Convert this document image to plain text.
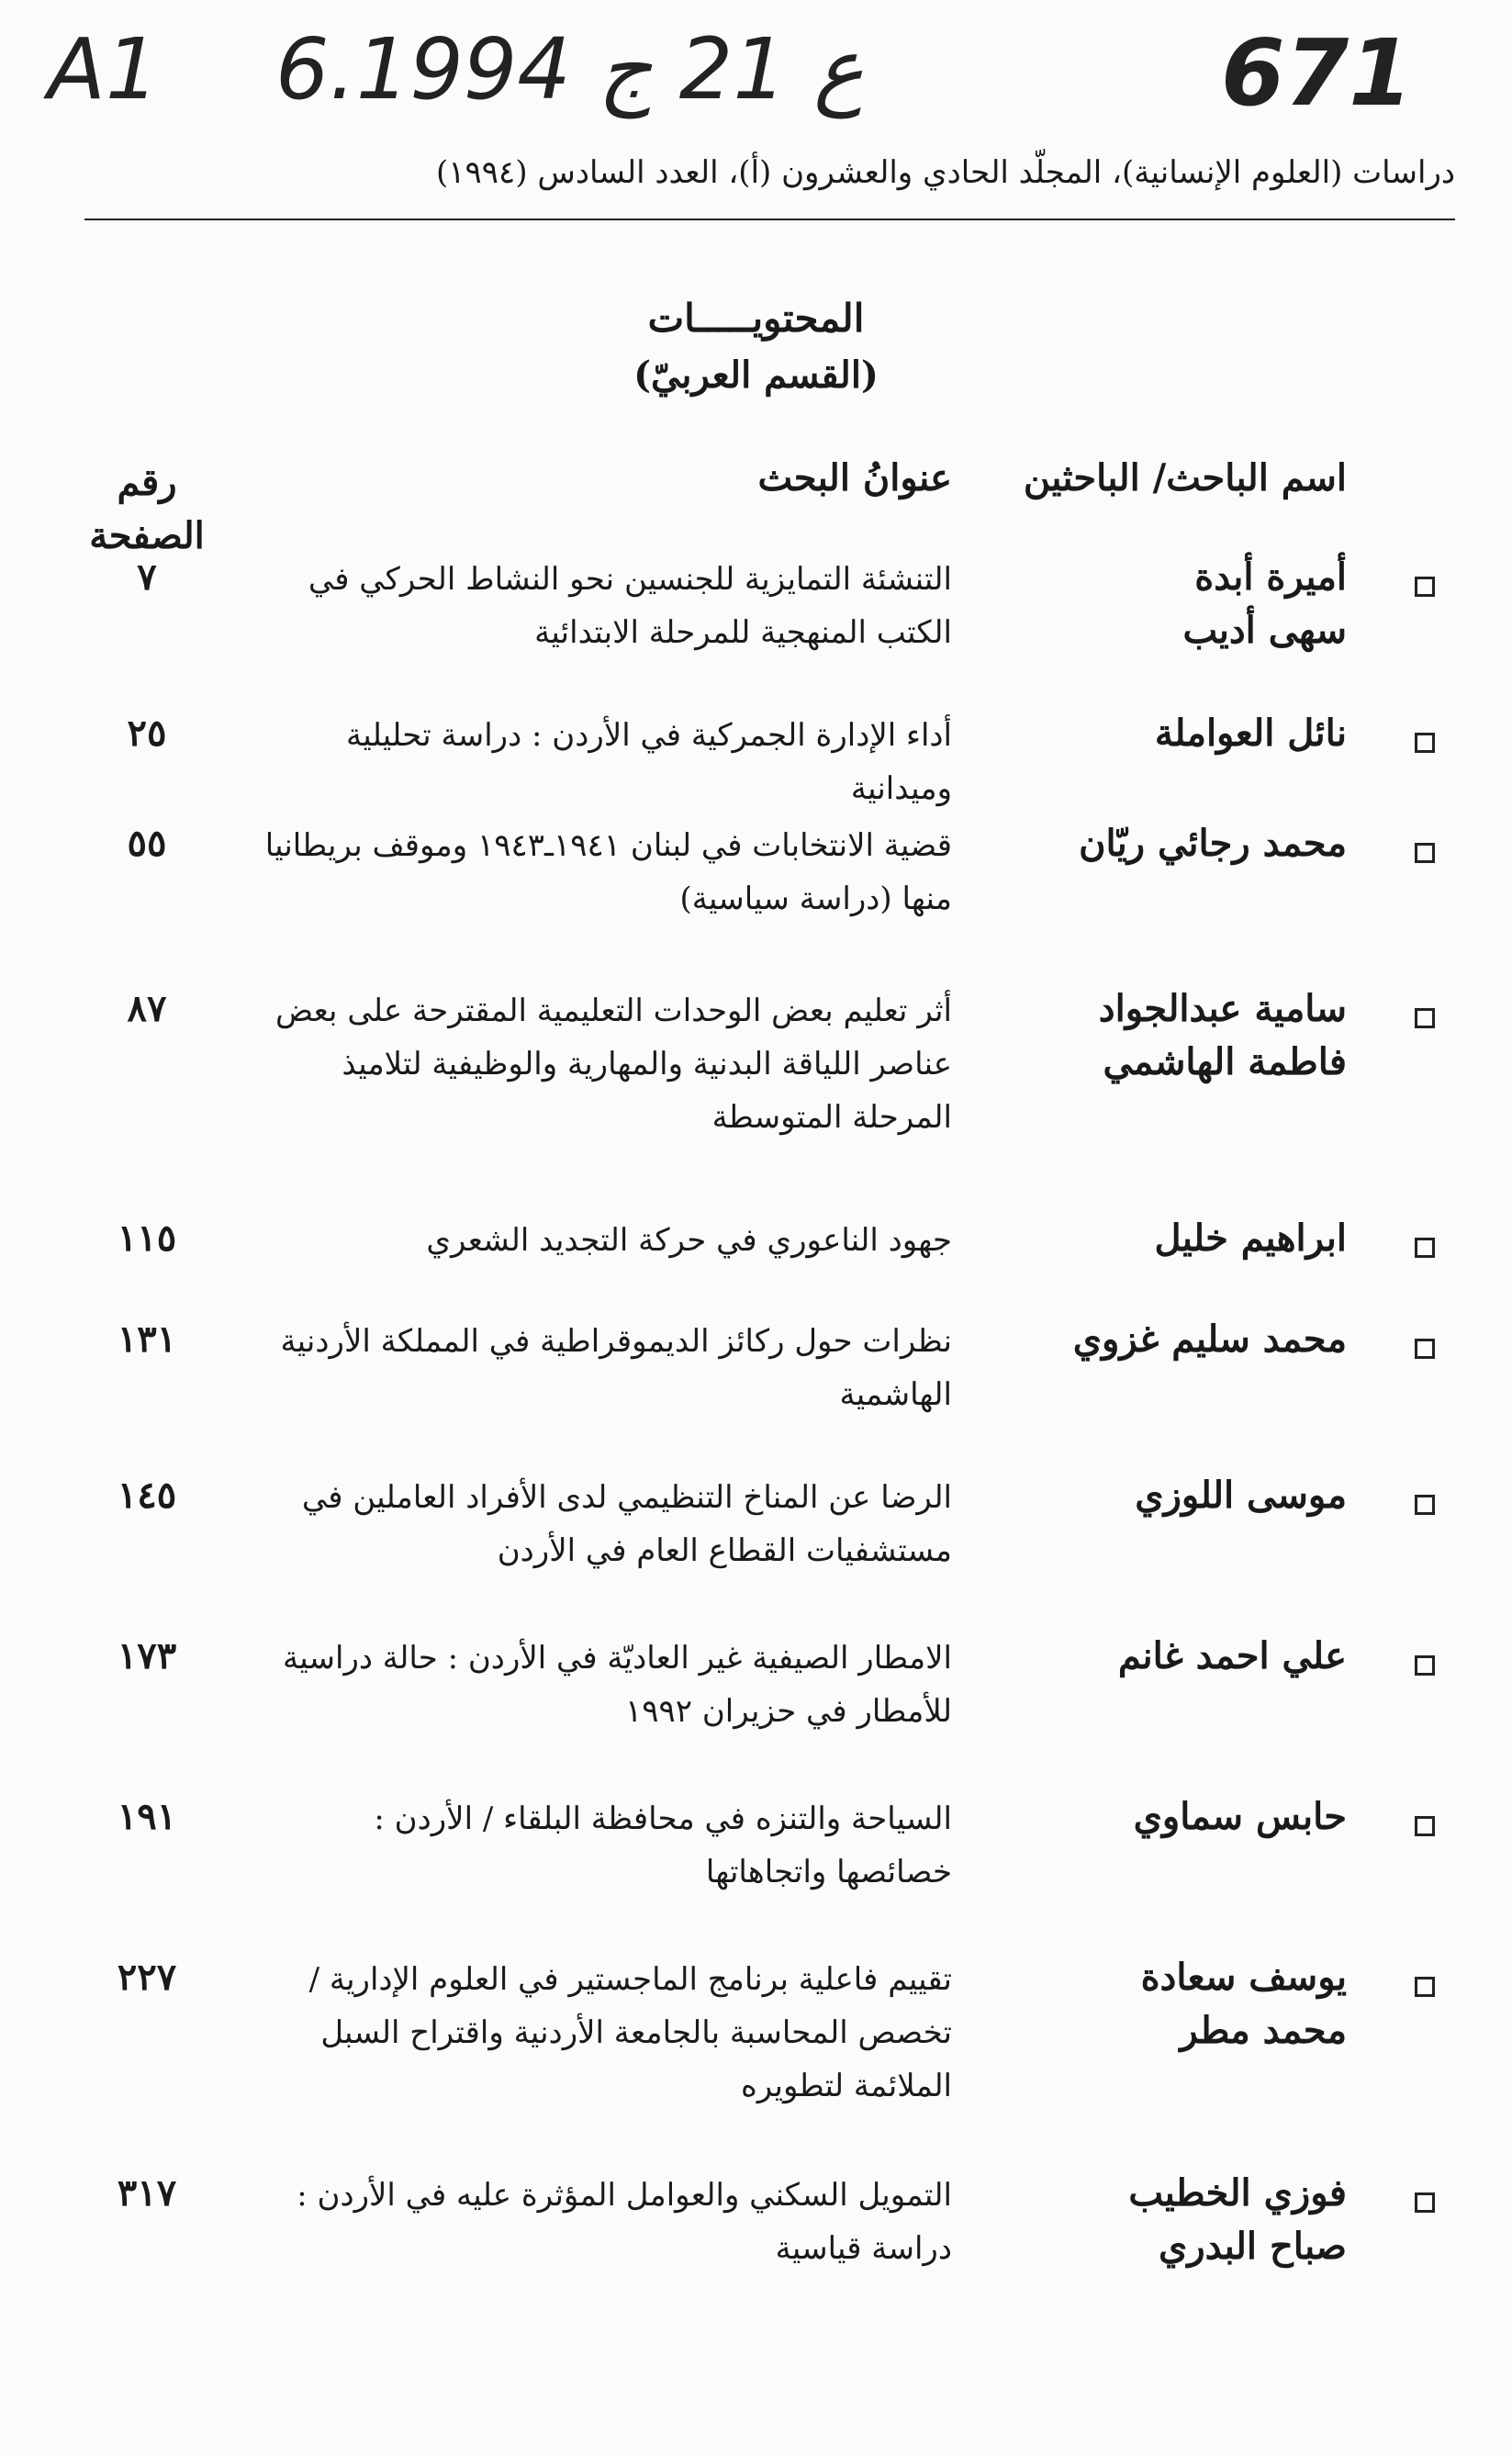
A1 6.ع 21 ج 1994	671
دراسات (العلوم الإنسانية)، المجلّد الحادي والعشرون (أ)، العدد السادس (١٩٩٤)
المحتويـــــات
(القسم العربيّ)
اسم الباحث/ الباحثين
عنوانُ البحث
رقم الصفحة
أميرة أبدة
سهى أديب
التنشئة التمايزية للجنسين نحو النشاط الحركي في الكتب المنهجية للمرحلة الابتدائية
٧
نائل العواملة
أداء الإدارة الجمركية في الأردن : دراسة تحليلية وميدانية
٢٥
محمد رجائي ريّان
قضية الانتخابات في لبنان ١٩٤١ـ١٩٤٣ وموقف بريطانيا منها (دراسة سياسية)
٥٥
سامية عبدالجواد
فاطمة الهاشمي
أثر تعليم بعض الوحدات التعليمية المقترحة على بعض عناصر اللياقة البدنية والمهارية والوظيفية لتلاميذ المرحلة المتوسطة
٨٧
ابراهيم خليل
جهود الناعوري في حركة التجديد الشعري
١١٥
محمد سليم غزوي
نظرات حول ركائز الديموقراطية في المملكة الأردنية الهاشمية
١٣١
موسى اللوزي
الرضا عن المناخ التنظيمي لدى الأفراد العاملين في مستشفيات القطاع العام في الأردن
١٤٥
علي احمد غانم
الامطار الصيفية غير العاديّة في الأردن : حالة دراسية للأمطار في حزيران ١٩٩٢
١٧٣
حابس سماوي
السياحة والتنزه في محافظة البلقاء / الأردن : خصائصها واتجاهاتها
١٩١
يوسف سعادة
محمد مطر
تقييم فاعلية برنامج الماجستير في العلوم الإدارية / تخصص المحاسبة بالجامعة الأردنية واقتراح السبل الملائمة لتطويره
٢٢٧
فوزي الخطيب
صباح البدري
التمويل السكني والعوامل المؤثرة عليه في الأردن : دراسة قياسية
٣١٧
